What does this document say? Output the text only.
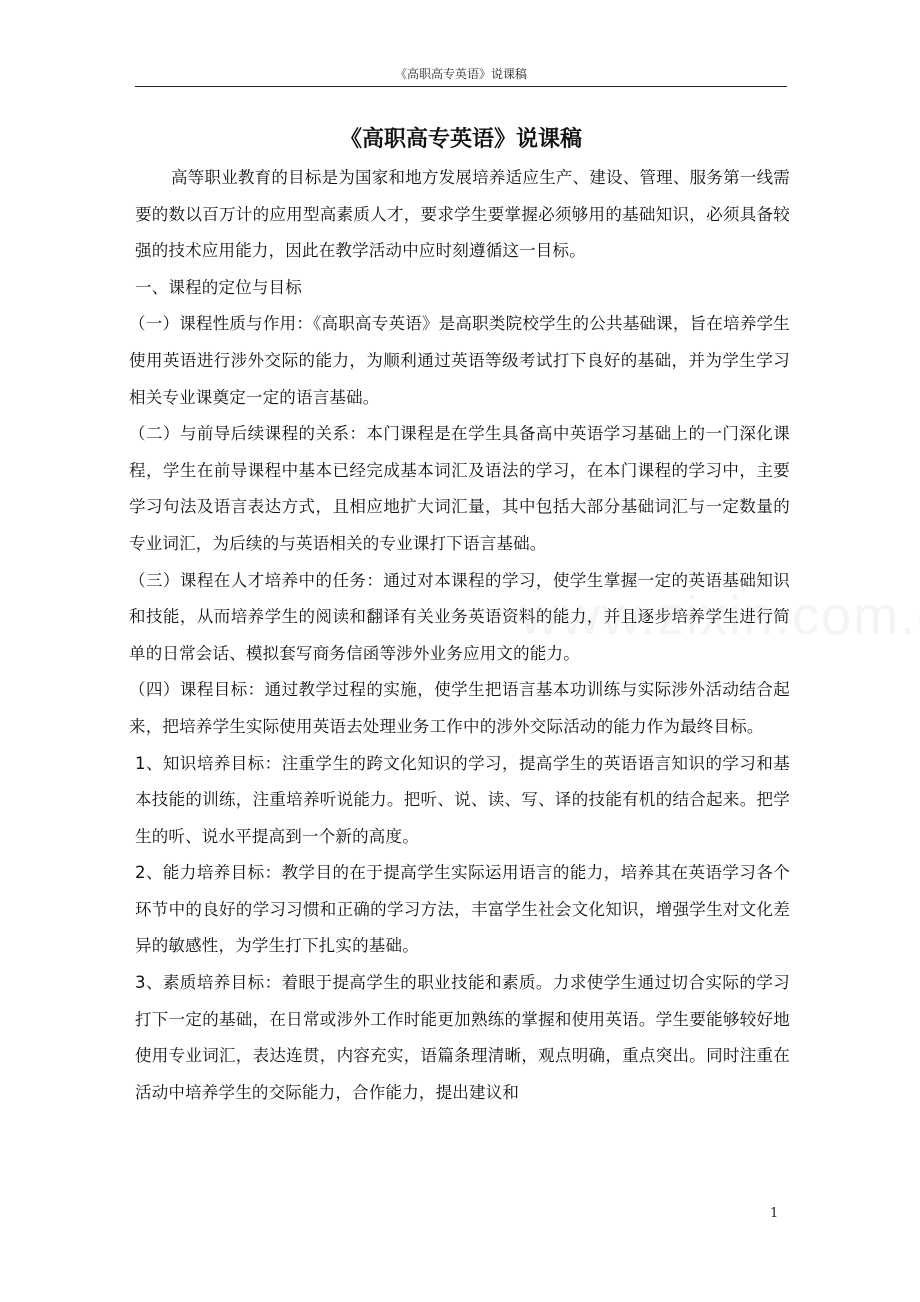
《高职高专英语》说课稿
《高职高专英语》说课稿

高等职业教育的目标是为国家和地方发展培养适应生产、建设、管理、服务第一线需要的数以百万计的应用型高素质人才，要求学生要掌握必须够用的基础知识，必须具备较强的技术应用能力，因此在教学活动中应时刻遵循这一目标。

一、课程的定位与目标

（一）课程性质与作用：《高职高专英语》是高职类院校学生的公共基础课，旨在培养学生使用英语进行涉外交际的能力，为顺利通过英语等级考试打下良好的基础，并为学生学习相关专业课奠定一定的语言基础。

（二）与前导后续课程的关系：本门课程是在学生具备高中英语学习基础上的一门深化课程，学生在前导课程中基本已经完成基本词汇及语法的学习，在本门课程的学习中，主要学习句法及语言表达方式，且相应地扩大词汇量，其中包括大部分基础词汇与一定数量的专业词汇，为后续的与英语相关的专业课打下语言基础。

（三）课程在人才培养中的任务：通过对本课程的学习，使学生掌握一定的英语基础知识和技能，从而培养学生的阅读和翻译有关业务英语资料的能力，并且逐步培养学生进行简单的日常会话、模拟套写商务信函等涉外业务应用文的能力。

（四）课程目标：通过教学过程的实施，使学生把语言基本功训练与实际涉外活动结合起来，把培养学生实际使用英语去处理业务工作中的涉外交际活动的能力作为最终目标。

1、知识培养目标：注重学生的跨文化知识的学习，提高学生的英语语言知识的学习和基本技能的训练，注重培养听说能力。把听、说、读、写、译的技能有机的结合起来。把学生的听、说水平提高到一个新的高度。

2、能力培养目标：教学目的在于提高学生实际运用语言的能力，培养其在英语学习各个环节中的良好的学习习惯和正确的学习方法，丰富学生社会文化知识，增强学生对文化差异的敏感性，为学生打下扎实的基础。

3、素质培养目标：着眼于提高学生的职业技能和素质。力求使学生通过切合实际的学习打下一定的基础，在日常或涉外工作时能更加熟练的掌握和使用英语。学生要能够较好地使用专业词汇，表达连贯，内容充实，语篇条理清晰，观点明确，重点突出。同时注重在活动中培养学生的交际能力，合作能力，提出建议和

1
